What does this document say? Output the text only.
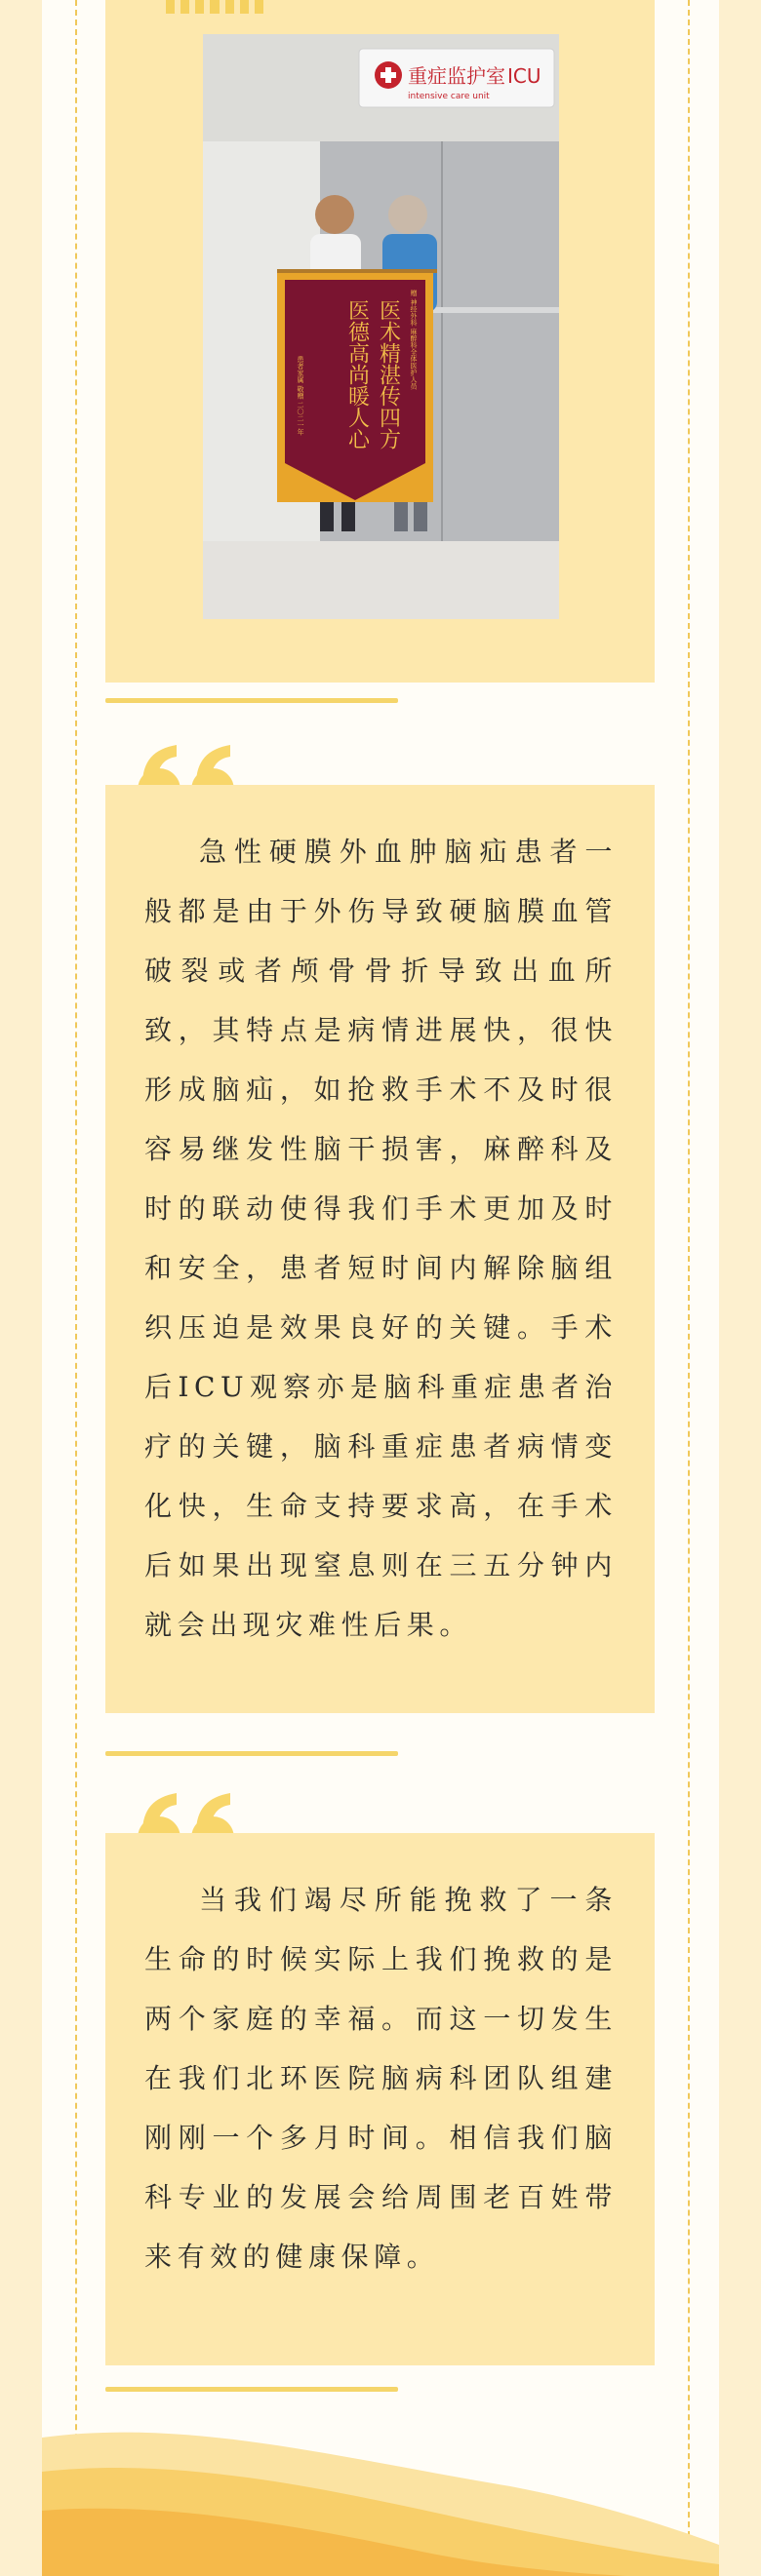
重症监护室 ICU
intensive care unit
医术精湛传四方
医德高尚暖人心	赠 神经外科 麻醉科全体医护人员
患者家属 敬赠 二〇二一年

急性硬膜外血肿脑疝患者一般都是由于外伤导致硬脑膜血管破裂或者颅骨骨折导致出血所致，其特点是病情进展快，很快形成脑疝，如抢救手术不及时很容易继发性脑干损害，麻醉科及时的联动使得我们手术更加及时和安全，患者短时间内解除脑组织压迫是效果良好的关键。手术后ICU观察亦是脑科重症患者治疗的关键，脑科重症患者病情变化快，生命支持要求高，在手术后如果出现窒息则在三五分钟内就会出现灾难性后果。

当我们竭尽所能挽救了一条生命的时候实际上我们挽救的是两个家庭的幸福。而这一切发生在我们北环医院脑病科团队组建刚刚一个多月时间。相信我们脑科专业的发展会给周围老百姓带来有效的健康保障。
